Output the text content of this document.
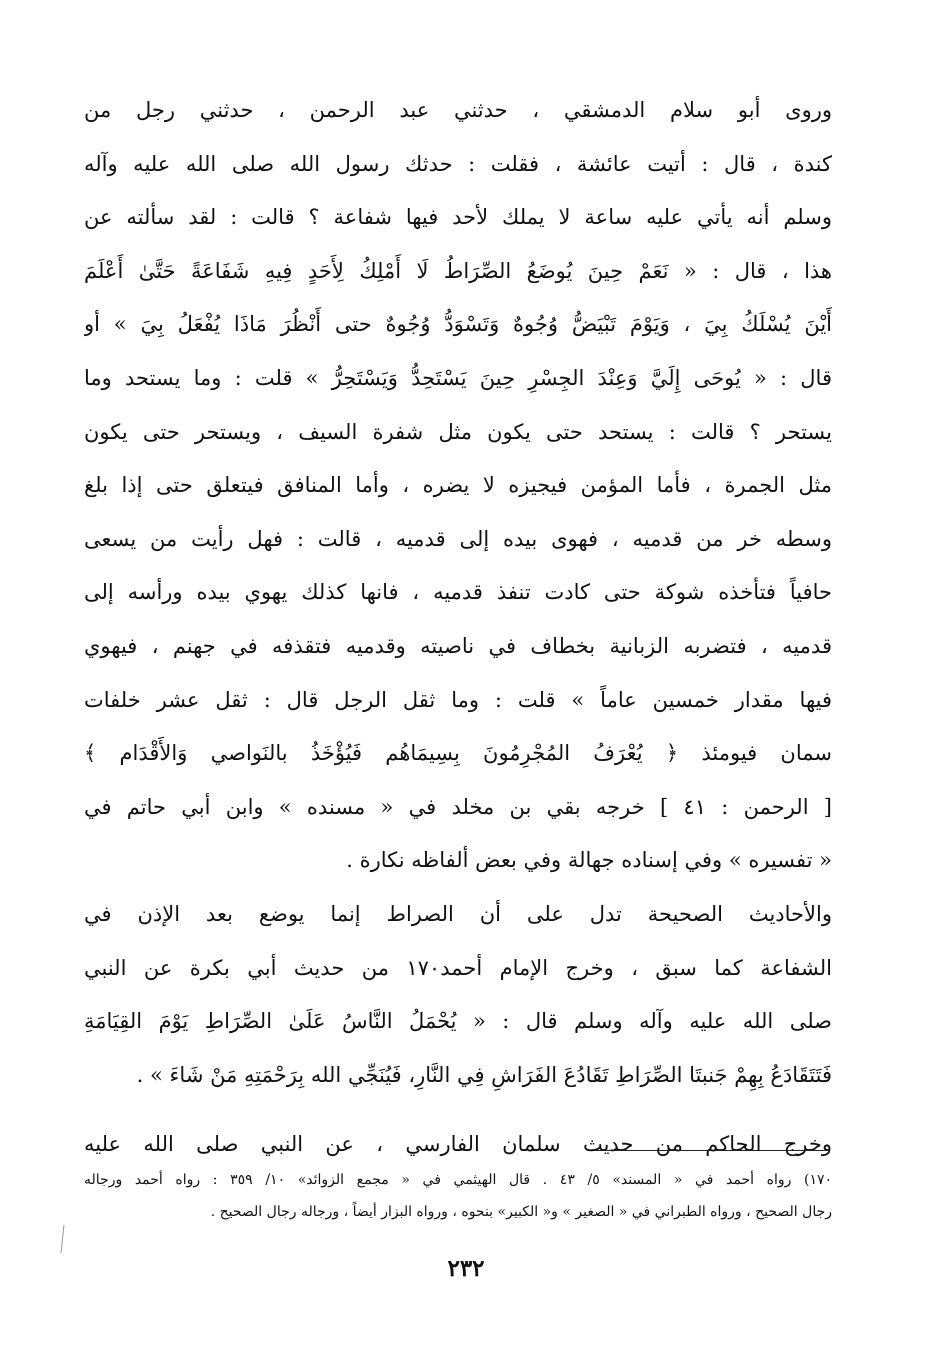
وروى أبو سلام الدمشقي ، حدثني عبد الرحمن ، حدثني رجل من
كندة ، قال : أتيت عائشة ، فقلت : حدثك رسول الله صلى الله عليه وآله
وسلم أنه يأتي عليه ساعة لا يملك لأحد فيها شفاعة ؟ قالت : لقد سألته عن
هذا ، قال : « نَعَمْ حِينَ يُوضَعُ الصِّرَاطُ لَا أَمْلِكُ لِأَحَدٍ فِيهِ شَفَاعَةً حَتَّىٰ أَعْلَمَ
أَيْنَ يُسْلَكُ بِيَ ، وَيَوْمَ تَبْيَضُّ وُجُوهٌ وَتَسْوَدُّ وُجُوهٌ حتى أَنْظُرَ مَاذَا يُفْعَلُ بِيَ » أو
قال : « يُوحَى إِلَيَّ وَعِنْدَ الجِسْرِ حِينَ يَسْتَحِدُّ وَيَسْتَحِرُّ » قلت : وما يستحد وما
يستحر ؟ قالت : يستحد حتى يكون مثل شفرة السيف ، ويستحر حتى يكون
مثل الجمرة ، فأما المؤمن فيجيزه لا يضره ، وأما المنافق فيتعلق حتى إذا بلغ
وسطه خر من قدميه ، فهوى بيده إلى قدميه ، قالت : فهل رأيت من يسعى
حافياً فتأخذه شوكة حتى كادت تنفذ قدميه ، فانها كذلك يهوي بيده ورأسه إلى
قدميه ، فتضربه الزبانية بخطاف في ناصيته وقدميه فتقذفه في جهنم ، فيهوي
فيها مقدار خمسين عاماً » قلت : وما ثقل الرجل قال : ثقل عشر خلفات
سمان فيومئذ ﴿ يُعْرَفُ المُجْرِمُونَ بِسِيمَاهُم فَيُؤْخَذُ بالنَواصي وَالأَقْدَام ﴾
[ الرحمن : ٤١ ] خرجه بقي بن مخلد في « مسنده » وابن أبي حاتم في
« تفسيره » وفي إسناده جهالة وفي بعض ألفاظه نكارة .
والأحاديث الصحيحة تدل على أن الصراط إنما يوضع بعد الإذن في
الشفاعة كما سبق ، وخرج الإمام أحمد١٧٠ من حديث أبي بكرة عن النبي
صلى الله عليه وآله وسلم قال : « يُحْمَلُ النَّاسُ عَلَىٰ الصِّرَاطِ يَوْمَ القِيَامَةِ
فَتَتَقَادَعُ بِهِمْ جَنبتَا الصِّرَاطِ تَقَادُعَ الفَرَاشِ فِي النَّارِ، فَيُنَجِّي الله بِرَحْمَتِهِ مَنْ شَاءَ » .
وخرج الحاكم من حديث سلمان الفارسي ، عن النبي صلى الله عليه
١٧٠) رواه أحمد في « المسند» ٥/ ٤٣ . قال الهيثمي في « مجمع الزوائد» ١٠/ ٣٥٩ : رواه أحمد ورجاله
رجال الصحيح ، ورواه الطبراني في « الصغير » و« الكبير» بنحوه ، ورواه البزار أيضاً ، ورجاله رجال الصحيح .
٢٣٢
